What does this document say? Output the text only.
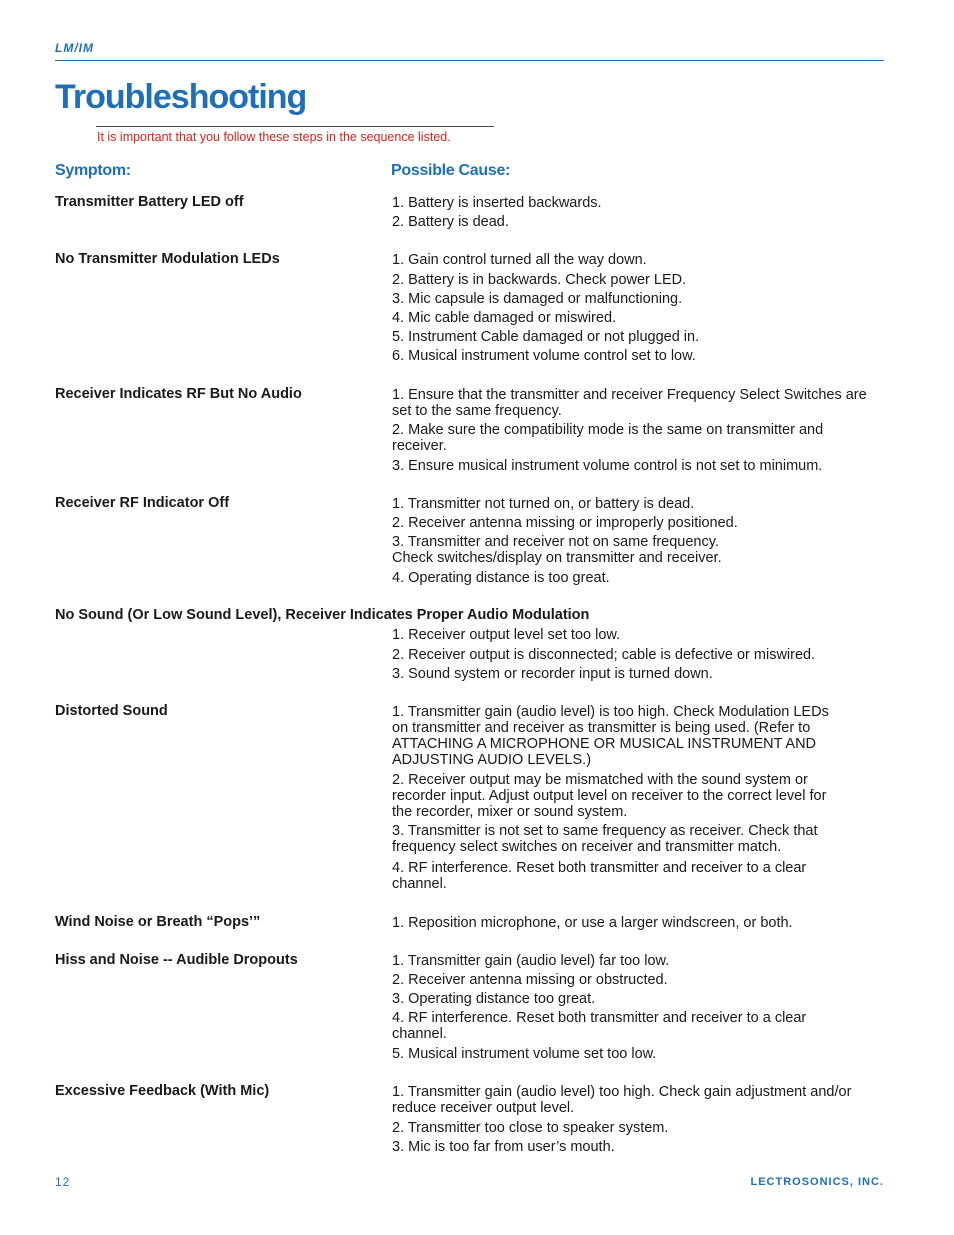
LM/IM
Troubleshooting
It is important that you follow these steps in the sequence listed.
Symptom:	Possible Cause:
Transmitter Battery LED off	1. Battery is inserted backwards.
2. Battery is dead.
No Transmitter Modulation LEDs	1. Gain control turned all the way down.
2. Battery is in backwards. Check power LED.
3. Mic capsule is damaged or malfunctioning.
4. Mic cable damaged or miswired.
5. Instrument Cable damaged or not plugged in.
6. Musical instrument volume control set to low.
Receiver Indicates RF But No Audio	1. Ensure that the transmitter and receiver Frequency Select Switches are set to the same frequency.
2. Make sure the compatibility mode is the same on transmitter and receiver.
3. Ensure musical instrument volume control is not set to minimum.
Receiver RF Indicator Off	1. Transmitter not turned on, or battery is dead.
2. Receiver antenna missing or improperly positioned.
3. Transmitter and receiver not on same frequency. Check switches/display on transmitter and receiver.
4. Operating distance is too great.
No Sound (Or Low Sound Level), Receiver Indicates Proper Audio Modulation
1. Receiver output level set too low.
2. Receiver output is disconnected; cable is defective or miswired.
3. Sound system or recorder input is turned down.
Distorted Sound	1. Transmitter gain (audio level) is too high. Check Modulation LEDs on transmitter and receiver as transmitter is being used. (Refer to ATTACHING A MICROPHONE OR MUSICAL INSTRUMENT AND ADJUSTING AUDIO LEVELS.)
2. Receiver output may be mismatched with the sound system or recorder input. Adjust output level on receiver to the correct level for the recorder, mixer or sound system.
3. Transmitter is not set to same frequency as receiver. Check that frequency select switches on receiver and transmitter match.
4. RF interference. Reset both transmitter and receiver to a clear channel.
Wind Noise or Breath “Pops’”	1. Reposition microphone, or use a larger windscreen, or both.
Hiss and Noise -- Audible Dropouts	1. Transmitter gain (audio level) far too low.
2. Receiver antenna missing or obstructed.
3. Operating distance too great.
4. RF interference. Reset both transmitter and receiver to a clear channel.
5. Musical instrument volume set too low.
Excessive Feedback (With Mic)	1. Transmitter gain (audio level) too high. Check gain adjustment and/or reduce receiver output level.
2. Transmitter too close to speaker system.
3. Mic is too far from user’s mouth.
12	LECTROSONICS, INC.
